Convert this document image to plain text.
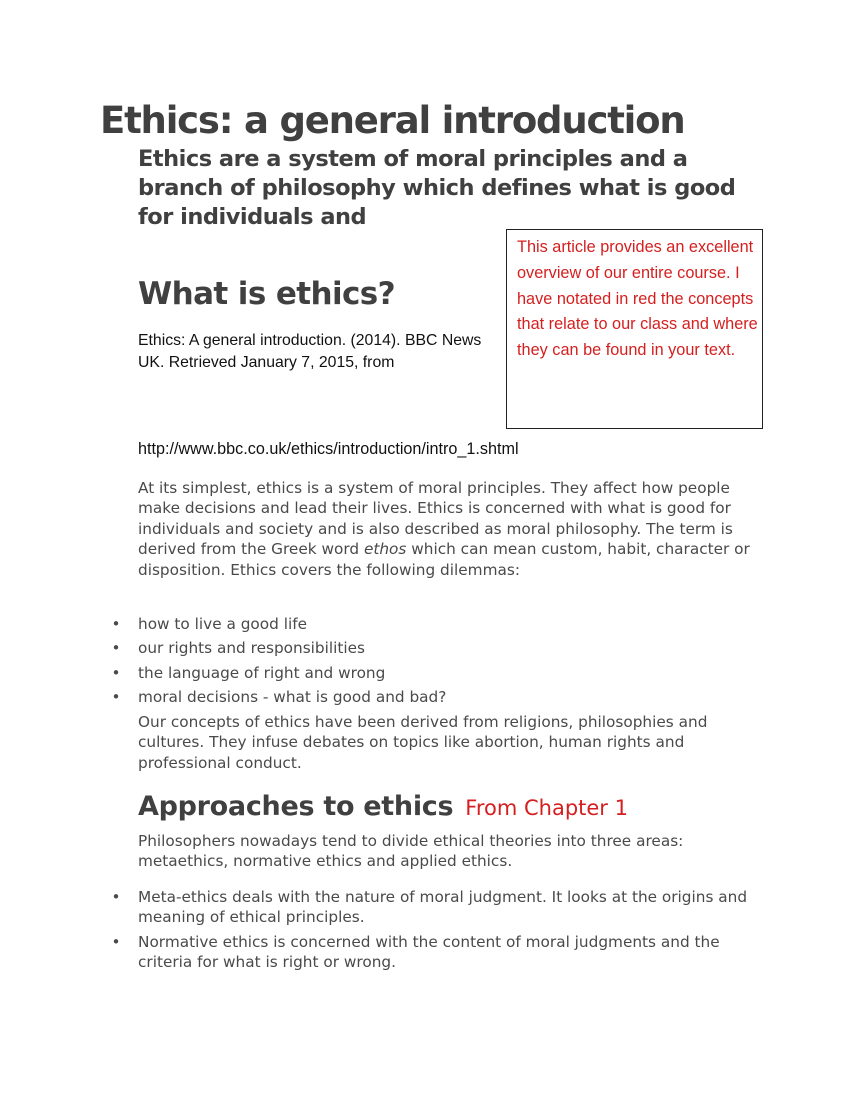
Ethics: a general introduction
Ethics are a system of moral principles and a branch of philosophy which defines what is good for individuals and
What is ethics?
Ethics: A general introduction. (2014). BBC News UK. Retrieved January 7, 2015, from
This article provides an excellent overview of our entire course. I have notated in red the concepts that relate to our class and where they can be found in your text.
http://www.bbc.co.uk/ethics/introduction/intro_1.shtml
At its simplest, ethics is a system of moral principles. They affect how people make decisions and lead their lives. Ethics is concerned with what is good for individuals and society and is also described as moral philosophy. The term is derived from the Greek word ethos which can mean custom, habit, character or disposition. Ethics covers the following dilemmas:
• how to live a good life
• our rights and responsibilities
• the language of right and wrong
• moral decisions - what is good and bad?
Our concepts of ethics have been derived from religions, philosophies and cultures. They infuse debates on topics like abortion, human rights and professional conduct.
Approaches to ethics From Chapter 1
Philosophers nowadays tend to divide ethical theories into three areas: metaethics, normative ethics and applied ethics.
• Meta-ethics deals with the nature of moral judgment. It looks at the origins and meaning of ethical principles.
• Normative ethics is concerned with the content of moral judgments and the criteria for what is right or wrong.
